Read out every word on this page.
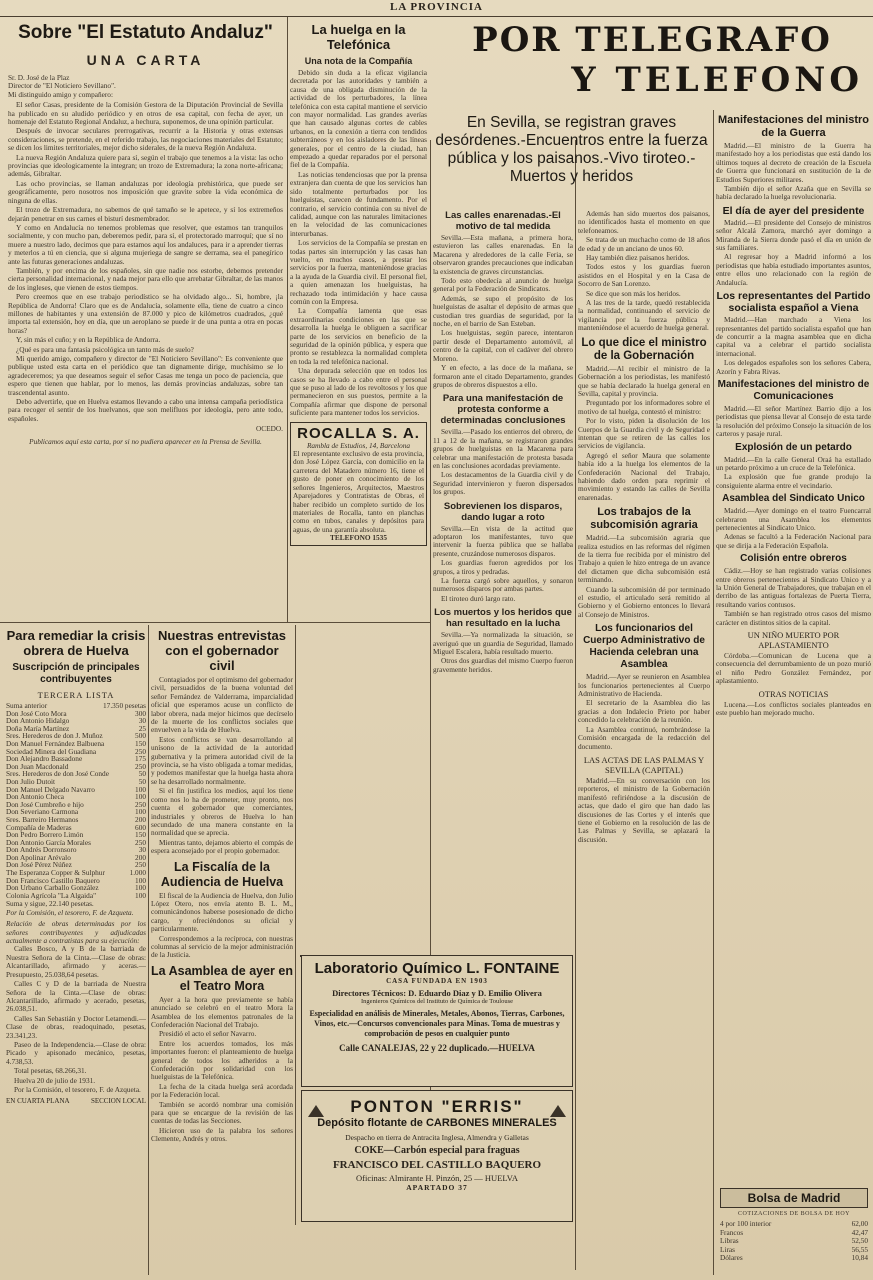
LA PROVINCIA
Sobre "El Estatuto Andaluz"
UNA CARTA
Sr. D. José de la Plaz
Director de "El Noticiero Sevillano".
Mi distinguido amigo y compañero:

El señor Casas, presidente de la Comisión Gestora de la Diputación Provincial de Sevilla ha publicado en su aludido periódico y en otros de esa capital, con fecha de ayer, un homenaje del Estatuto Regional Andaluz, a hechura, suponemos, de una opinión particular.

Después de invocar seculares prerrogativas, recurrir a la Historia y otras extensas consideraciones, se pretende, en el referido trabajo, las negociaciones materiales del Estatuto; se dicen los limites territoriales, mejor dicho siderales, de la nueva Región Andaluza.

La nueva Región Andaluza quiere para sí, según el trabajo que tenemos a la vista: las ocho provincias que ideologicamente la integran; un trozo de Extremadura; la zona norte-africana; además, Gibraltar.

Las ocho provincias, se llaman andaluzas por ideología prehistórica, que puede ser geográficamente, pero nosotros nos imposición que gravite sobre la vida económica de ninguna de ellas.

El trozo de Extremadura, no sabemos de qué tamaño se le apetece, y sí los extremeños dejarán penetrar en sus carnes el bisturí desmembrador.

Y como en Andalucía no tenemos problemas que resolver, que estamos tan tranquilos socialmente, y con mucho pan, deberemos pedir, para sí, el protectorado marroquí; que sí no muere a nuestro lado, decimos que para estamos aquí los andaluces, para ir a aprender tierras y meterlos a tú en ciencia, que si alguna mujeriega de sangre se derrama, sea el panegírico ante las futuras generaciones andaluzas.

También, y por encima de los españoles, sin que nadie nos estorbe, debemos pretender cierta personalidad internacional, y nada mejor para ello que arrebatar Gibraltar, de las manos de los ingleses, que vienen de estos tiempos.

Pero creemos que en ese trabajo periodístico se ha olvidado algo... Si, hombre, ¡la República de Andorra! Claro que es de Andalucía, solamente ella, tiene de cuatro a cinco millones de habitantes y una extensión de 87.000 y pico de kilómetros cuadrados, ¿qué importa tal extensión, hoy en día, que un aeroplano se puede ir de una punta a otra en pocas horas?

Y, sin más el cuño; y en la República de Andorra.

¿Qué es para una fantasía psicológica un tanto más de suelo?

Mi querido amigo, compañero y director de "El Noticiero Sevillano": Es conveniente que publique usted esta carta en el periódico que tan dignamente dirige, muchísimo se lo agradeceremos; ya que deseamos seguir el señor Casas me tenga un poco de paciencia, que espero que tienen que hablar, por lo menos, las demás provincias andaluzas, sobre tan trascendental asunto.

Debo advertirle, que en Huelva estamos llevando a cabo una intensa campaña periodística para recoger el sentir de los huelvanos, que son melifluos por ideología, pero ante todo, españoles.

OCEDO.
Publicamos aquí esta carta, por si no pudiera aparecer en la Prensa de Sevilla.
La huelga en la Telefónica
Una nota de la Compañía

Debido sin duda a la eficaz vigilancia decretada por las autoridades y también a causa de una obligada disminución de la actividad de los perturbadores, la línea telefónica con esta capital mantiene el servicio con mayor normalidad. Las grandes averías que han causado algunas cortes de cables urbanos, en la conexión a tierra con tendidos subterráneos y en los aisladores de las líneas generales, por el centro de la ciudad, han empezado a quedar reparados por el personal fiel de la Compañía.

Las noticias tendenciosas que por la prensa extranjera dan cuenta de que los servicios han sido totalmente perturbados por los huelguistas, carecen de fundamento. Por el contrario, el servicio continúa con su nivel de calidad, aunque con las naturales limitaciones en la velocidad de las comunicaciones interurbanas.

Los servicios de la Compañía se prestan en todas partes sin interrupción y las casas han vuelto, en muchos casos, a prestar los servicios por la fuerza, manteniéndose gracias a la ayuda de la Guardia civil. El personal fiel, a quien amenazan los huelguistas, ha rechazado toda intimidación y hace causa común con la Empresa.

La Compañía lamenta que esas extraordinarias condiciones en las que se desarrolla la huelga le obliguen a sacrificar parte de los servicios en beneficio de la seguridad de la opinión pública, y espera que pronto se restablezca la normalidad completa en toda la red telefónica nacional.

Una depurada selección que en todos los casos se ha llevado a cabo entre el personal que se puso al lado de los revoltosos y los que permanecieron en sus puestos, permite a la Compañía afirmar que dispone de personal suficiente para mantener todos los servicios.

ROCALLA S. A.
Rambla de Estudios, 14, Barcelona
El representante exclusivo de esta provincia, don José López García, con domicilio en la carretera del Matadero número 16, tiene el gusto de poner en conocimiento de los señores Ingenieros, Arquitectos, Maestros Aparejadores y Contratistas de Obras, el haber recibido un completo surtido de los materiales de Rocalla, tanto en planchas como en tubos, canales y depósitos para aguas, de una garantía absoluta.
TELEFONO 1535
POR TELEGRAFO
Y TELEFONO
En Sevilla, se registran graves desórdenes.-Encuentros entre la fuerza pública y los paisanos.-Vivo tiroteo.-Muertos y heridos
Las calles enarenadas.-El motivo de tal medida

Sevilla.—Esta mañana, a primera hora, estuvieron las calles enarenadas. En la Macarena y alrededores de la calle Feria, se observaron grandes precauciones que indicaban la existencia de graves circunstancias.

Todo esto obedecía al anuncio de huelga general por la Federación de Sindicatos.

Además, se supo el propósito de los huelguistas de asaltar el depósito de armas que custodian tres guardias de seguridad, por la noche, en el barrio de San Esteban.

Los huelguistas, según parece, intentaron partir desde el Departamento automóvil, al centro de la capital, con el cadáver del obrero Moreno.

Y en efecto, a las doce de la mañana, se formaron ante el citado Departamento, grandes grupos de obreros dispuestos a ello.

Para una manifestación de protesta conforme a determinadas conclusiones

Sevilla.—Pasado los entierros del obrero, de 11 a 12 de la mañana, se registraron grandes grupos de huelguistas en la Macarena para celebrar una manifestación de protesta basada en las conclusiones acordadas previamente.

Los destacamentos de la Guardia civil y de Seguridad intervinieron y fueron dispersados los grupos.

Sobrevienen los disparos, dando lugar a roto

Sevilla.—En vista de la actitud que adoptaron los manifestantes, tuvo que intervenir la fuerza pública que se hallaba presente, cruzándose numerosos disparos.

Los guardias fueron agredidos por los grupos, a tiros y pedradas.

La fuerza cargó sobre aquellos, y sonaron numerosos disparos por ambas partes.

El tiroteo duró largo rato.

Los muertos y los heridos que han resultado en la lucha

Sevilla.—Ya normalizada la situación, se averiguó que un guardia de Seguridad, llamado Miguel Escalera, había resultado muerto.

Otros dos guardias del mismo Cuerpo fueron gravemente heridos.

Además han sido muertos dos paisanos, no identificados hasta el momento en que telefoneamos.

Se trata de un muchacho como de 18 años de edad y de un anciano de unos 60.

Hay también diez paisanos heridos.

Todos estos y los guardias fueron asistidos en el Hospital y en la Casa de Socorro de San Lorenzo.

Se dice que son más los heridos.

A las tres de la tarde, quedó restablecida la normalidad, continuando el servicio de vigilancia por la fuerza pública y manteniéndose el acuerdo de huelga general.

Lo que dice el ministro de la Gobernación

Madrid.—Al recibir el ministro de la Gobernación a los periodistas, les manifestó que se había declarado la huelga general en Sevilla, capital y provincia.

Preguntado por los informadores sobre el motivo de tal huelga, contestó el ministro:

Por lo visto, piden la disolución de los Cuerpos de la Guardia civil y de Seguridad e intentan que se retiren de las calles los servicios de vigilancia.

Agregó el señor Maura que solamente había ido a la huelga los elementos de la Confederación Nacional del Trabajo, habiendo dado orden para reprimir el movimiento y estando las calles de Sevilla enarenadas.

Los trabajos de la subcomisión agraria

Madrid.—La subcomisión agraria que realiza estudios en las reformas del régimen de la tierra fue recibida por el ministro del Trabajo a quien le hizo entrega de un avance del dictamen que dicha subcomisión está terminando.

Cuando la subcomisión dé por terminado el estudio, el articulado será remitido al Gobierno y el Gobierno entonces lo llevará al Consejo de Ministros.

Los funcionarios del Cuerpo Administrativo de Hacienda celebran una Asamblea

Madrid.—Ayer se reunieron en Asamblea los funcionarios pertenecientes al Cuerpo Administrativo de Hacienda.

El secretario de la Asamblea dio las gracias a don Indalecio Prieto por haber concedido la celebración de la reunión.

La Asamblea continuó, nombrándose la Comisión encargada de la redacción del documento.

LAS ACTAS DE LAS PALMAS Y SEVILLA (CAPITAL)

Madrid.—En su conversación con los reporteros, el ministro de la Gobernación manifestó refiriéndose a la discusión de actas, que dado el giro que han dado las discusiones de las Cortes y el interés que tiene el Gobierno en la resolución de las de Las Palmas y Sevilla, se aplazará la discusión.

Manifestaciones del ministro de la Guerra

Madrid.—El ministro de la Guerra ha manifestado hoy a los periodistas que está dando los últimos toques al decreto de creación de la Escuela de Guerra que funcionará en sustitución de la de Estudios Superiores militares.

También dijo el señor Azaña que en Sevilla se había declarado la huelga revolucionaria.

El día de ayer del presidente

Madrid.—El presidente del Consejo de ministros señor Alcalá Zamora, marchó ayer domingo a Miranda de la Sierra donde pasó el día en unión de sus familiares.

Al regresar hoy a Madrid informó a los periodistas que había estudiado importantes asuntos, entre ellos uno relacionado con la región de Andalucía.

Los representantes del Partido socialista español a Viena

Madrid.—Han marchado a Viena los representantes del partido socialista español que han de concurrir a la magna asamblea que en dicha capital va a celebrar el partido socialista internacional.

Los delegados españoles son los señores Cabera, Azorín y Fabra Rivas.

Manifestaciones del ministro de Comunicaciones

Madrid.—El señor Martínez Barrio dijo a los periodistas que piensa llevar al Consejo de esta tarde la resolución del próximo Consejo la situación de los carteros y pasaje rural.

Explosión de un petardo

Madrid.—En la calle General Oraá ha estallado un petardo próximo a un cruce de la Telefónica.

La explosión que fue grande produjo la consiguiente alarma entre el vecindario.

Asamblea del Sindicato Unico

Madrid.—Ayer domingo en el teatro Fuencarral celebraron una Asamblea los elementos pertenecientes al Sindicato Unico.

Adenas se facultó a la Federación Nacional para que se dirija a la Federación Española.

Colisión entre obreros

Cádiz.—Hoy se han registrado varias colisiones entre obreros pertenecientes al Sindicato Unico y a la Unión General de Trabajadores, que trabajan en el derribo de las antiguas fortalezas de Puerta Tierra, resultando varios contusos.

También se han registrado otros casos del mismo carácter en distintos sitios de la capital.

UN NIÑO MUERTO POR APLASTAMIENTO

Córdoba.—Comunican de Lucena que a consecuencia del derrumbamiento de un pozo murió el niño Pedro González Fernández, por aplastamiento.

OTRAS NOTICIAS

Lucena.—Los conflictos sociales planteados en este pueblo han mejorado mucho.

Bolsa de Madrid
COTIZACIONES DE BOLSA DE HOY
4 por 100 interior	62,00
Francos	42,47
Libras	52,50
Liras	56,55
Dólares	10,84
Para remediar la crisis obrera de Huelva
Suscripción de principales contribuyentes
TERCERA LISTA
Suma anterior	17.350 pesetas
Don José Coto Mora	300
Don Antonio Hidalgo	30
Doña María Martínez	25
Sres. Herederos de don J. Muñoz	500
Don Manuel Fernández Balbuena	150
Sociedad Minera del Guadiana	250
Don Alejandro Bassadone	175
Don Juan Macdonald	250
Sres. Herederos de don José Conde	50
Don Julio Dutoit	50
Don Manuel Delgado Navarro	100
Don Antonio Checa	100
Don José Cumbreño e hijo	250
Don Severiano Carmona	100
Sres. Barreiro Hermanos	200
Compañía de Maderas	600
Don Pedro Borrero Limón	150
Don Antonio García Morales	250
Don Andrés Dorronsoro	30
Don Apolinar Arévalo	200
Don José Pérez Núñez	250
The Esperanza Copper & Sulphur	1.000
Don Francisco Castillo Baquero	100
Don Urbano Carballo González	100
Colonia Agrícola "La Algaida"	100
Suma y sigue, 22.140 pesetas.
Por la Comisión, el tesorero, F. de Azqueta.
Relación de obras determinadas por los señores contribuyentes y adjudicadas actualmente a contratistas para su ejecución:

Calles Bosco, A y B de la barriada de Nuestra Señora de la Cinta.—Clase de obras: Alcantarillado, afirmado y aceras.—Presupuesto, 25.038,64 pesetas.

Calles C y D de la barriada de Nuestra Señora de la Cinta.—Clase de obras: Alcantarillado, afirmado y acerado, pesetas, 26.038,51.

Calles San Sebastián y Doctor Letamendi.—Clase de obras, readoquinado, pesetas, 23.341,23.

Paseo de la Independencia.—Clase de obra: Picado y apisonado mecánico, pesetas, 4.738,53.

Total pesetas, 68.266,31.

Huelva 20 de julio de 1931.

Por la Comisión, el tesorero, F. de Azqueta.

EN CUARTA PLANA	SECCION LOCAL
Nuestras entrevistas con el gobernador civil

Contagiados por el optimismo del gobernador civil, persuadidos de la buena voluntad del señor Fernández de Valderrama, imparcialidad oficial que esperamos acuse un conflicto de labor obrera, nada mejor hicimos que decírselo de la muerte de los conflictos sociales que envuelven a la vida de Huelva.

Estos conflictos se van desarrollando al unísono de la actividad de la autoridad gubernativa y la primera autoridad civil de la provincia, se ha visto obligada a tomar medidas, y podemos manifestar que la huelga hasta ahora se ha desarrollado normalmente.

Si el fin justifica los medios, aquí los tiene como nos lo ha de prometer, muy pronto, nos cuenta el gobernador que comerciantes, industriales y obreros de Huelva lo han secundado de una manera constante en la normalidad que se aprecia.

Mientras tanto, dejamos abierto el compás de espera aconsejado por el propio gobernador.

La Fiscalía de la Audiencia de Huelva

El fiscal de la Audiencia de Huelva, don Julio López Otero, nos envía atento B. L. M., comunicándonos haberse posesionado de dicho cargo, y ofreciéndonos su oficial y particularmente.

Correspondemos a la recíproca, con nuestras columnas al servicio de la mejor administración de la Justicia.

La Asamblea de ayer en el Teatro Mora

Ayer a la hora que previamente se había anunciado se celebró en el teatro Mora la Asamblea de los elementos patronales de la Confederación Nacional del Trabajo.

Presidió el acto el señor Navarro.

Entre los acuerdos tomados, los más importantes fueron: el planteamiento de huelga general de todos los adheridos a la Confederación por solidaridad con los huelguistas de la Telefónica.

La fecha de la citada huelga será acordada por la Federación local.

También se acordó nombrar una comisión para que se encargue de la revisión de las cuentas de todas las Secciones.

Hicieron uso de la palabra los señores Clemente, Andrés y otros.

Laboratorio Químico L. FONTAINE
CASA FUNDADA EN 1903
Directores Técnicos: D. Eduardo Diaz y D. Emilio Olivera
Ingenieros Químicos del Instituto de Química de Toulouse
Especialidad en análisis de Minerales, Metales, Abonos, Tierras, Carbones, Vinos, etc.—Concursos convencionales para Minas. Toma de muestras y comprobación de pesos en cualquier punto
Calle CANALEJAS, 22 y 22 duplicado.—HUELVA
PONTON "ERRIS"
Depósito flotante de CARBONES MINERALES
Despacho en tierra de Antracita Inglesa, Almendra y Galletas
COKE—Carbón especial para fraguas
FRANCISCO DEL CASTILLO BAQUERO
Oficinas: Almirante H. Pinzón, 25 — HUELVA
APARTADO 37
